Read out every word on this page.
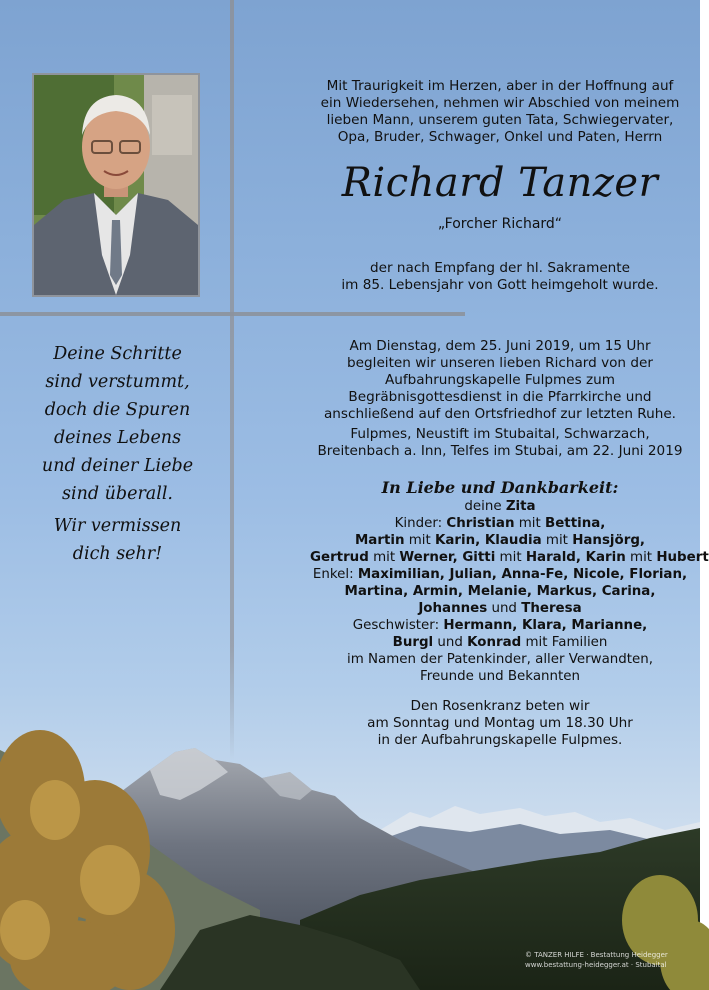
Mit Traurigkeit im Herzen, aber in der Hoffnung auf
ein Wiedersehen, nehmen wir Abschied von meinem
lieben Mann, unserem guten Tata, Schwiegervater,
Opa, Bruder, Schwager, Onkel und Paten, Herrn
Richard Tanzer
„Forcher Richard“
der nach Empfang der hl. Sakramente
im 85. Lebensjahr von Gott heimgeholt wurde.
Am Dienstag, dem 25. Juni 2019, um 15 Uhr
begleiten wir unseren lieben Richard von der
Aufbahrungskapelle Fulpmes zum
Begräbnisgottesdienst in die Pfarrkirche und
anschließend auf den Ortsfriedhof zur letzten Ruhe.
Fulpmes, Neustift im Stubaital, Schwarzach,
Breitenbach a. Inn, Telfes im Stubai, am 22. Juni 2019
Deine Schritte
sind verstummt,
doch die Spuren
deines Lebens
und deiner Liebe
sind überall.
Wir vermissen
dich sehr!
In Liebe und Dankbarkeit:
deine Zita
Kinder: Christian mit Bettina,
Martin mit Karin, Klaudia mit Hansjörg,
Gertrud mit Werner, Gitti mit Harald, Karin mit Hubert
Enkel: Maximilian, Julian, Anna-Fe, Nicole, Florian,
Martina, Armin, Melanie, Markus, Carina,
Johannes und Theresa
Geschwister: Hermann, Klara, Marianne,
Burgl und Konrad mit Familien
im Namen der Patenkinder, aller Verwandten,
Freunde und Bekannten
Den Rosenkranz beten wir
am Sonntag und Montag um 18.30 Uhr
in der Aufbahrungskapelle Fulpmes.
© TANZER HILFE · Bestattung Heidegger
www.bestattung-heidegger.at · Stubaital
